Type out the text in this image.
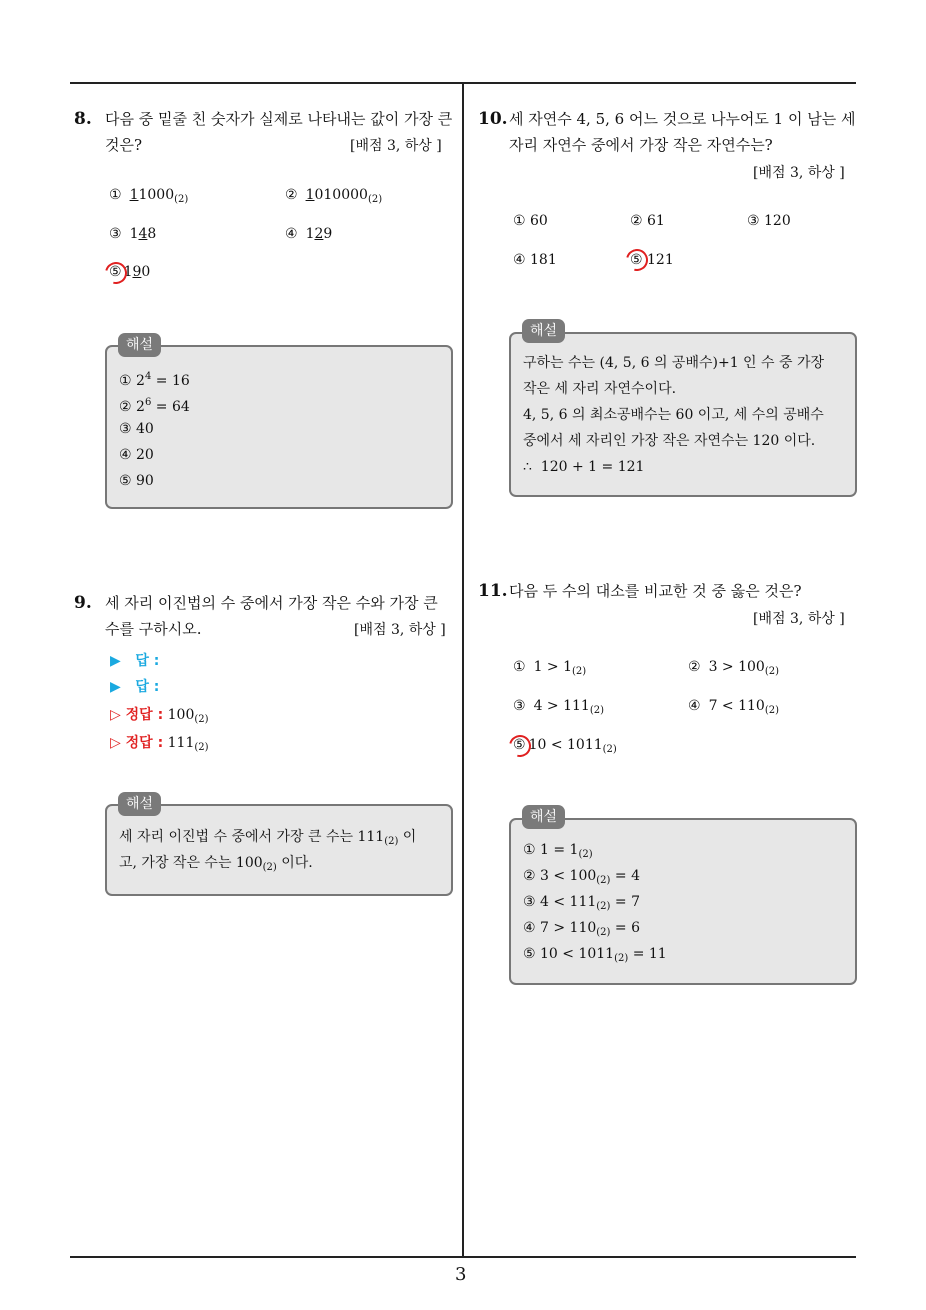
3
8. 다음 중 밑줄 친 숫자가 실제로 나타내는 값이 가장 큰
것은?	[배점 3, 하상 ]
① $11000_{(2)}$	② $1010000_{(2)}$
③ 148	④ 129
⑤ 190
① $2^4 = 16$
② $2^6 = 64$
③ 40
④ 20
⑤ 90
해설
9. 세 자리 이진법의 수 중에서 가장 작은 수와 가장 큰
수를 구하시오.	[배점 3, 하상 ]
▶   답 :
▶   답 :
▷ 정답 : $100_{(2)}$
▷ 정답 : $111_{(2)}$
세 자리 이진법 수 중에서 가장 큰 수는 $111_{(2)}$ 이
고, 가장 작은 수는 $100_{(2)}$ 이다.
해설
10. 세 자연수 4, 5, 6 어느 것으로 나누어도 1 이 남는 세
자리 자연수 중에서 가장 작은 자연수는?
[배점 3, 하상 ]
① 60	② 61	③ 120
④ 181	⑤ 121
구하는 수는 (4, 5, 6 의 공배수)+1 인 수 중 가장
작은 세 자리 자연수이다.
4, 5, 6 의 최소공배수는 60 이고, 세 수의 공배수
중에서 세 자리인 가장 작은 자연수는 120 이다.
∴  120 + 1 = 121
해설
11. 다음 두 수의 대소를 비교한 것 중 옳은 것은?
[배점 3, 하상 ]
① $1 > 1_{(2)}$	② $3 > 100_{(2)}$
③ $4 > 111_{(2)}$	④ $7 < 110_{(2)}$
⑤ $10 < 1011_{(2)}$
① $1 = 1_{(2)}$
② $3 < 100_{(2)} = 4$
③ $4 < 111_{(2)} = 7$
④ $7 > 110_{(2)} = 6$
⑤ $10 < 1011_{(2)} = 11$
해설
